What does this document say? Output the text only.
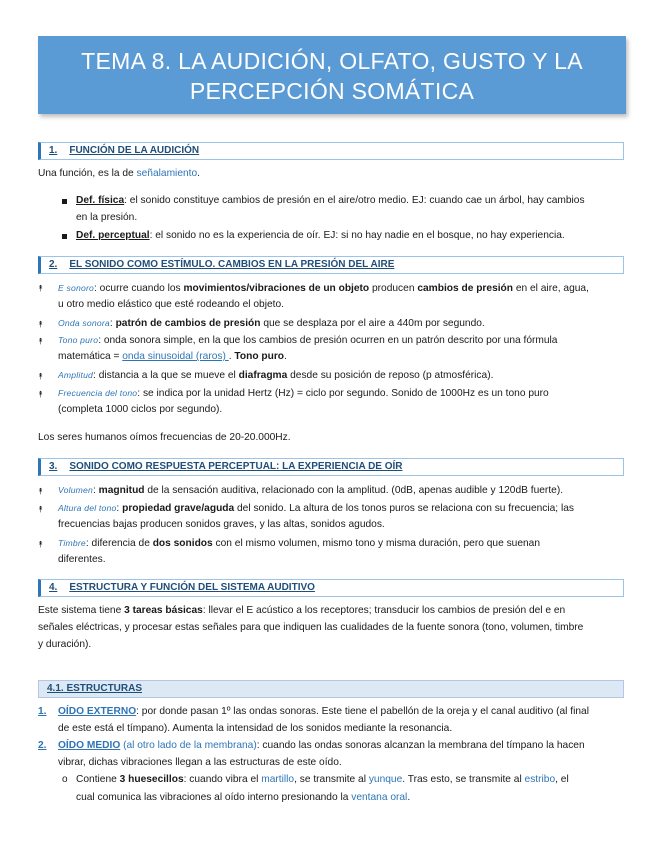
TEMA 8. LA AUDICIÓN, OLFATO, GUSTO Y LA
PERCEPCIÓN SOMÁTICA
1. FUNCIÓN DE LA AUDICIÓN
Una función, es la de señalamiento.
Def. física: el sonido constituye cambios de presión en el aire/otro medio. EJ: cuando cae un árbol, hay cambios
en la presión.
Def. perceptual: el sonido no es la experiencia de oír. EJ: si no hay nadie en el bosque, no hay experiencia.
2. EL SONIDO COMO ESTÍMULO. CAMBIOS EN LA PRESIÓN DEL AIRE
⯭ E sonoro: ocurre cuando los movimientos/vibraciones de un objeto producen cambios de presión en el aire, agua,
u otro medio elástico que esté rodeando el objeto.
⯭ Onda sonora: patrón de cambios de presión que se desplaza por el aire a 440m por segundo.
⯭ Tono puro: onda sonora simple, en la que los cambios de presión ocurren en un patrón descrito por una fórmula
matemática = onda sinusoidal (raros) . Tono puro.
⯭ Amplitud: distancia a la que se mueve el diafragma desde su posición de reposo (p atmosférica).
⯭ Frecuencia del tono: se indica por la unidad Hertz (Hz) = ciclo por segundo. Sonido de 1000Hz es un tono puro
(completa 1000 ciclos por segundo).
Los seres humanos oímos frecuencias de 20-20.000Hz.
3. SONIDO COMO RESPUESTA PERCEPTUAL: LA EXPERIENCIA DE OÍR
⯭ Volumen: magnitud de la sensación auditiva, relacionado con la amplitud. (0dB, apenas audible y 120dB fuerte).
⯭ Altura del tono: propiedad grave/aguda del sonido. La altura de los tonos puros se relaciona con su frecuencia; las
frecuencias bajas producen sonidos graves, y las altas, sonidos agudos.
⯭ Timbre: diferencia de dos sonidos con el mismo volumen, mismo tono y misma duración, pero que suenan
diferentes.
4. ESTRUCTURA Y FUNCIÓN DEL SISTEMA AUDITIVO
Este sistema tiene 3 tareas básicas: llevar el E acústico a los receptores; transducir los cambios de presión del e en
señales eléctricas, y procesar estas señales para que indiquen las cualidades de la fuente sonora (tono, volumen, timbre
y duración).
4.1. ESTRUCTURAS
1. OÍDO EXTERNO: por donde pasan 1º las ondas sonoras. Este tiene el pabellón de la oreja y el canal auditivo (al final
de este está el tímpano). Aumenta la intensidad de los sonidos mediante la resonancia.
2. OÍDO MEDIO (al otro lado de la membrana): cuando las ondas sonoras alcanzan la membrana del tímpano la hacen
vibrar, dichas vibraciones llegan a las estructuras de este oído.
o Contiene 3 huesecillos: cuando vibra el martillo, se transmite al yunque. Tras esto, se transmite al estribo, el
cual comunica las vibraciones al oído interno presionando la ventana oral.
